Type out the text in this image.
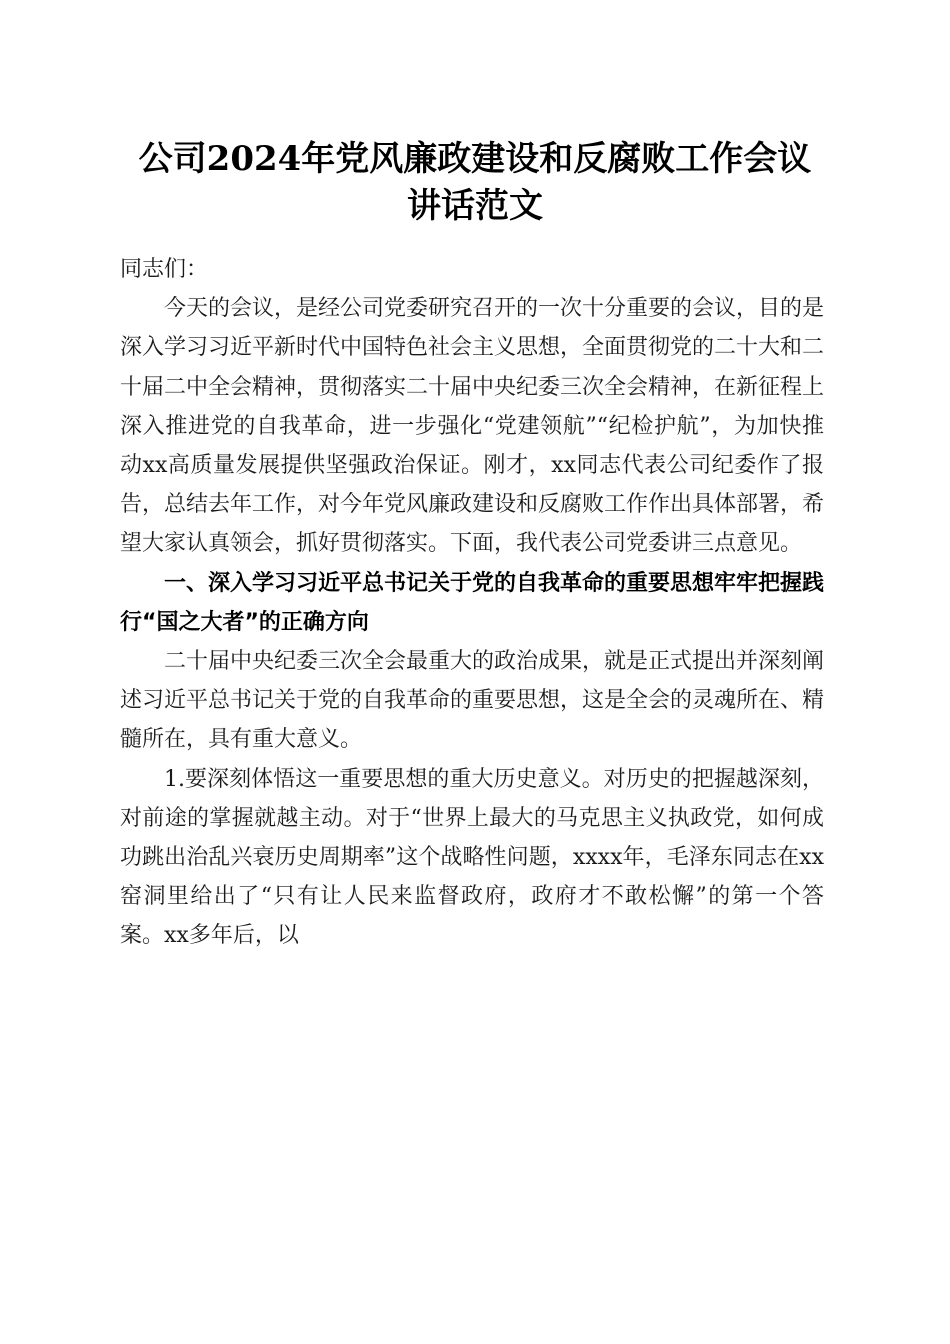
公司2024年党风廉政建设和反腐败工作会议
讲话范文

同志们：

今天的会议，是经公司党委研究召开的一次十分重要的会议，目的是深入学习习近平新时代中国特色社会主义思想，全面贯彻党的二十大和二十届二中全会精神，贯彻落实二十届中央纪委三次全会精神，在新征程上深入推进党的自我革命，进一步强化“党建领航”“纪检护航”，为加快推动xx高质量发展提供坚强政治保证。刚才，xx同志代表公司纪委作了报告，总结去年工作，对今年党风廉政建设和反腐败工作作出具体部署，希望大家认真领会，抓好贯彻落实。下面，我代表公司党委讲三点意见。

一、深入学习习近平总书记关于党的自我革命的重要思想牢牢把握践行“国之大者”的正确方向

二十届中央纪委三次全会最重大的政治成果，就是正式提出并深刻阐述习近平总书记关于党的自我革命的重要思想，这是全会的灵魂所在、精髓所在，具有重大意义。

1.要深刻体悟这一重要思想的重大历史意义。对历史的把握越深刻，对前途的掌握就越主动。对于“世界上最大的马克思主义执政党，如何成功跳出治乱兴衰历史周期率”这个战略性问题，xxxx年，毛泽东同志在xx窑洞里给出了“只有让人民来监督政府，政府才不敢松懈”的第一个答案。xx多年后，以
